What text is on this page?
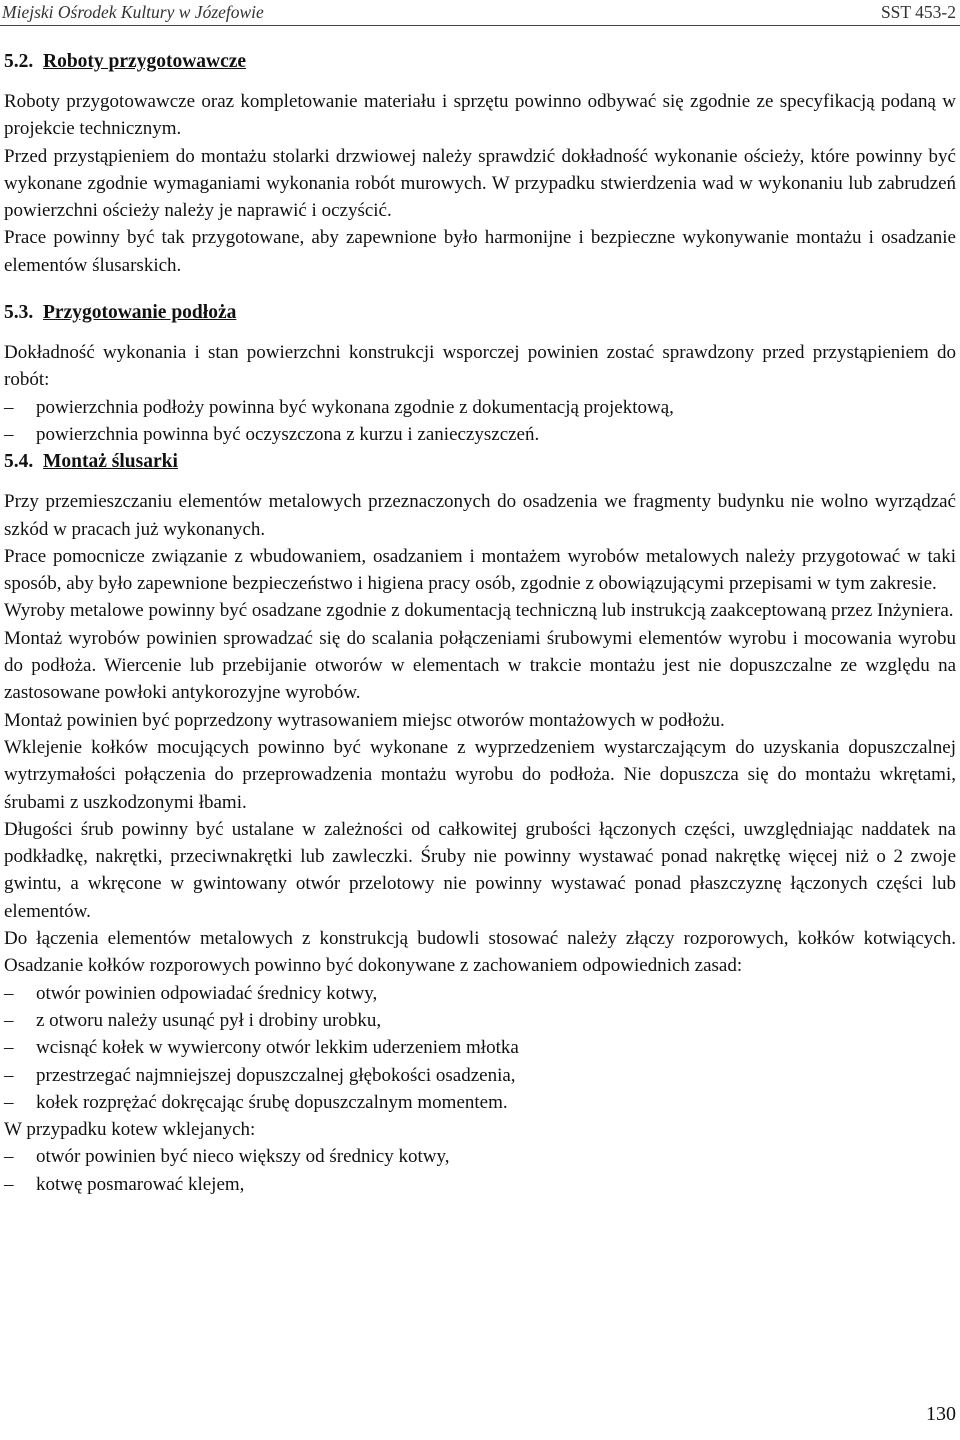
Miejski Ośrodek Kultury w Józefowie	SST 453-2
5.2. Roboty przygotowawcze

Roboty przygotowawcze oraz kompletowanie materiału i sprzętu powinno odbywać się zgodnie ze specyfikacją podaną w projekcie technicznym.

Przed przystąpieniem do montażu stolarki drzwiowej należy sprawdzić dokładność wykonanie ościeży, które powinny być wykonane zgodnie wymaganiami wykonania robót murowych. W przypadku stwierdzenia wad w wykonaniu lub zabrudzeń powierzchni ościeży należy je naprawić i oczyścić.

Prace powinny być tak przygotowane, aby zapewnione było harmonijne i bezpieczne wykonywanie montażu i osadzanie elementów ślusarskich.

5.3. Przygotowanie podłoża

Dokładność wykonania i stan powierzchni konstrukcji wsporczej powinien zostać sprawdzony przed przystąpieniem do robót:

– powierzchnia podłoży powinna być wykonana zgodnie z dokumentacją projektową,
– powierzchnia powinna być oczyszczona z kurzu i zanieczyszczeń.
5.4. Montaż ślusarki

Przy przemieszczaniu elementów metalowych przeznaczonych do osadzenia we fragmenty budynku nie wolno wyrządzać szkód w pracach już wykonanych.

Prace pomocnicze związanie z wbudowaniem, osadzaniem i montażem wyrobów metalowych należy przygotować w taki sposób, aby było zapewnione bezpieczeństwo i higiena pracy osób, zgodnie z obowiązującymi przepisami w tym zakresie.

Wyroby metalowe powinny być osadzane zgodnie z dokumentacją techniczną lub instrukcją zaakceptowaną przez Inżyniera.

Montaż wyrobów powinien sprowadzać się do scalania połączeniami śrubowymi elementów wyrobu i mocowania wyrobu do podłoża. Wiercenie lub przebijanie otworów w elementach w trakcie montażu jest nie dopuszczalne ze względu na zastosowane powłoki antykorozyjne wyrobów.

Montaż powinien być poprzedzony wytrasowaniem miejsc otworów montażowych w podłożu.

Wklejenie kołków mocujących powinno być wykonane z wyprzedzeniem wystarczającym do uzyskania dopuszczalnej wytrzymałości połączenia do przeprowadzenia montażu wyrobu do podłoża. Nie dopuszcza się do montażu wkrętami, śrubami z uszkodzonymi łbami.

Długości śrub powinny być ustalane w zależności od całkowitej grubości łączonych części, uwzględniając naddatek na podkładkę, nakrętki, przeciwnakrętki lub zawleczki. Śruby nie powinny wystawać ponad nakrętkę więcej niż o 2 zwoje gwintu, a wkręcone w gwintowany otwór przelotowy nie powinny wystawać ponad płaszczyznę łączonych części lub elementów.

Do łączenia elementów metalowych z konstrukcją budowli stosować należy złączy rozporowych, kołków kotwiących. Osadzanie kołków rozporowych powinno być dokonywane z zachowaniem odpowiednich zasad:

– otwór powinien odpowiadać średnicy kotwy,
– z otworu należy usunąć pył i drobiny urobku,
– wcisnąć kołek w wywiercony otwór lekkim uderzeniem młotka
– przestrzegać najmniejszej dopuszczalnej głębokości osadzenia,
– kołek rozprężać dokręcając śrubę dopuszczalnym momentem.

W przypadku kotew wklejanych:

– otwór powinien być nieco większy od średnicy kotwy,
– kotwę posmarować klejem,
130
